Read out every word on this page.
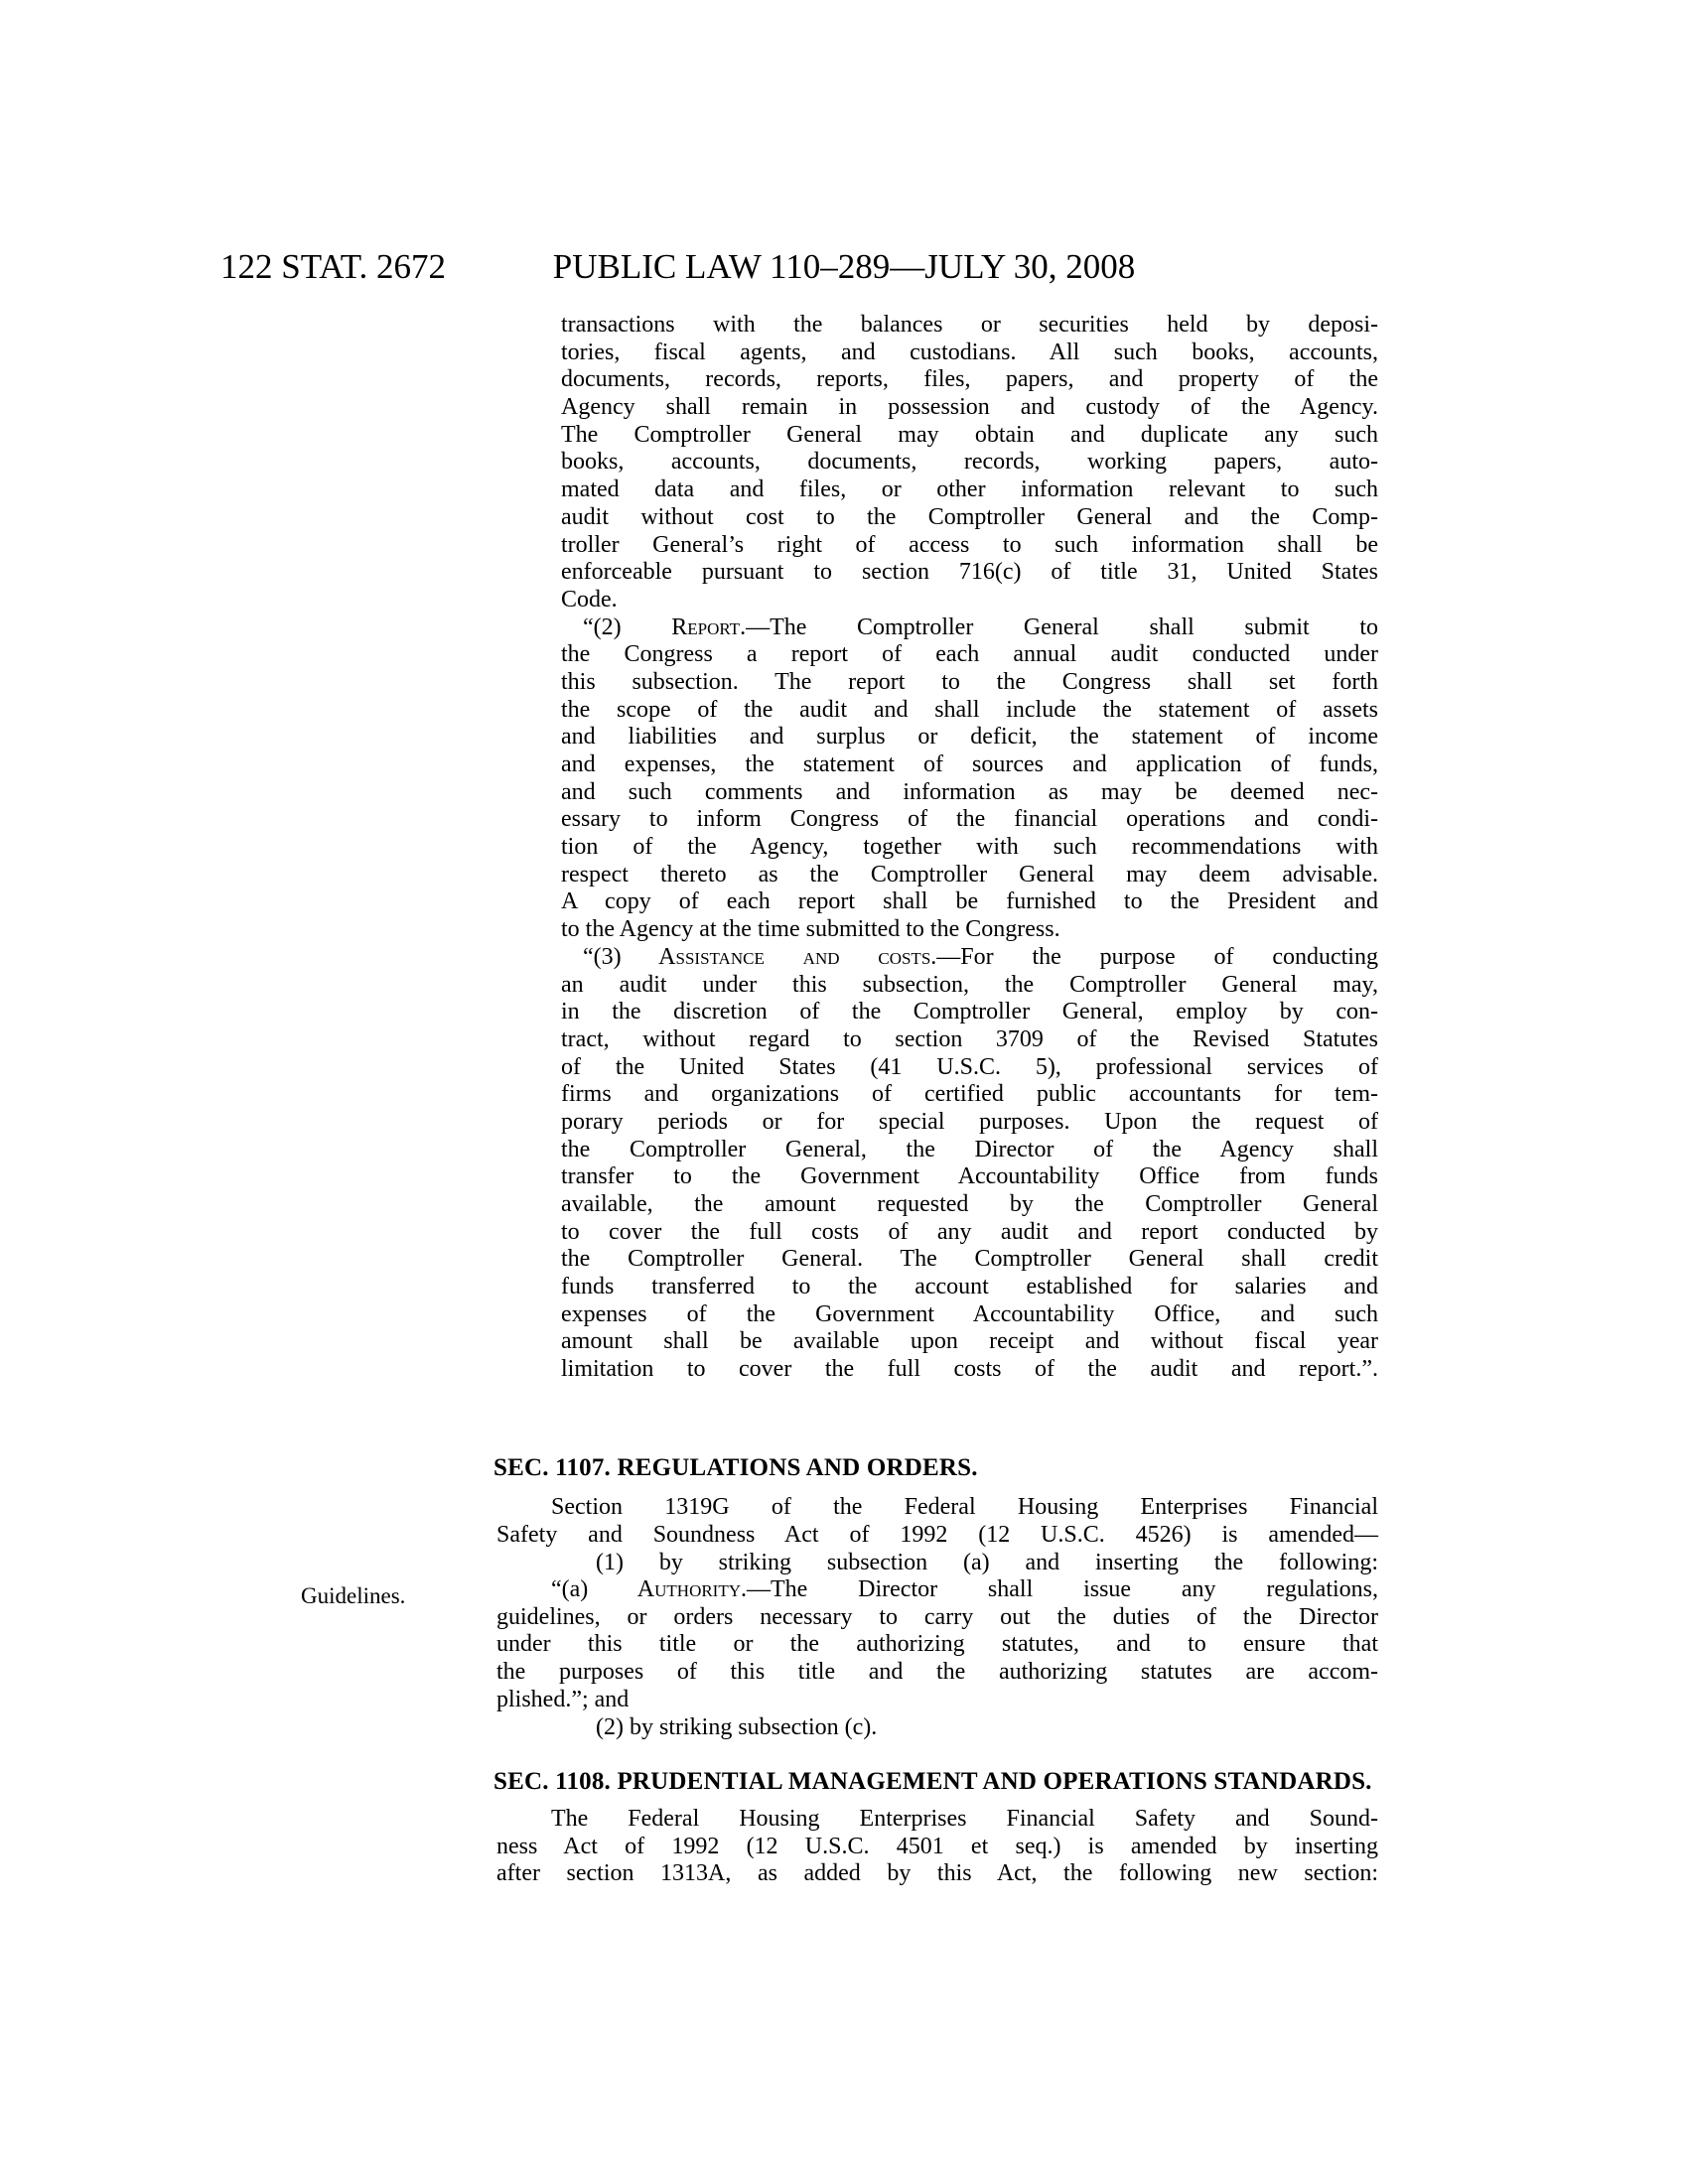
122 STAT. 2672	PUBLIC LAW 110–289—JULY 30, 2008
Guidelines.
transactions with the balances or securities held by deposi-
tories, fiscal agents, and custodians. All such books, accounts,
documents, records, reports, files, papers, and property of the
Agency shall remain in possession and custody of the Agency.
The Comptroller General may obtain and duplicate any such
books, accounts, documents, records, working papers, auto-
mated data and files, or other information relevant to such
audit without cost to the Comptroller General and the Comp-
troller General’s right of access to such information shall be
enforceable pursuant to section 716(c) of title 31, United States
Code.
“(2) Report.—The Comptroller General shall submit to
the Congress a report of each annual audit conducted under
this subsection. The report to the Congress shall set forth
the scope of the audit and shall include the statement of assets
and liabilities and surplus or deficit, the statement of income
and expenses, the statement of sources and application of funds,
and such comments and information as may be deemed nec-
essary to inform Congress of the financial operations and condi-
tion of the Agency, together with such recommendations with
respect thereto as the Comptroller General may deem advisable.
A copy of each report shall be furnished to the President and
to the Agency at the time submitted to the Congress.
“(3) Assistance and costs.—For the purpose of conducting
an audit under this subsection, the Comptroller General may,
in the discretion of the Comptroller General, employ by con-
tract, without regard to section 3709 of the Revised Statutes
of the United States (41 U.S.C. 5), professional services of
firms and organizations of certified public accountants for tem-
porary periods or for special purposes. Upon the request of
the Comptroller General, the Director of the Agency shall
transfer to the Government Accountability Office from funds
available, the amount requested by the Comptroller General
to cover the full costs of any audit and report conducted by
the Comptroller General. The Comptroller General shall credit
funds transferred to the account established for salaries and
expenses of the Government Accountability Office, and such
amount shall be available upon receipt and without fiscal year
limitation to cover the full costs of the audit and report.”.
SEC. 1107. REGULATIONS AND ORDERS.
Section 1319G of the Federal Housing Enterprises Financial
Safety and Soundness Act of 1992 (12 U.S.C. 4526) is amended—
(1) by striking subsection (a) and inserting the following:
“(a) Authority.—The Director shall issue any regulations,
guidelines, or orders necessary to carry out the duties of the Director
under this title or the authorizing statutes, and to ensure that
the purposes of this title and the authorizing statutes are accom-
plished.”; and
(2) by striking subsection (c).
SEC. 1108. PRUDENTIAL MANAGEMENT AND OPERATIONS STANDARDS.
The Federal Housing Enterprises Financial Safety and Sound-
ness Act of 1992 (12 U.S.C. 4501 et seq.) is amended by inserting
after section 1313A, as added by this Act, the following new section:
